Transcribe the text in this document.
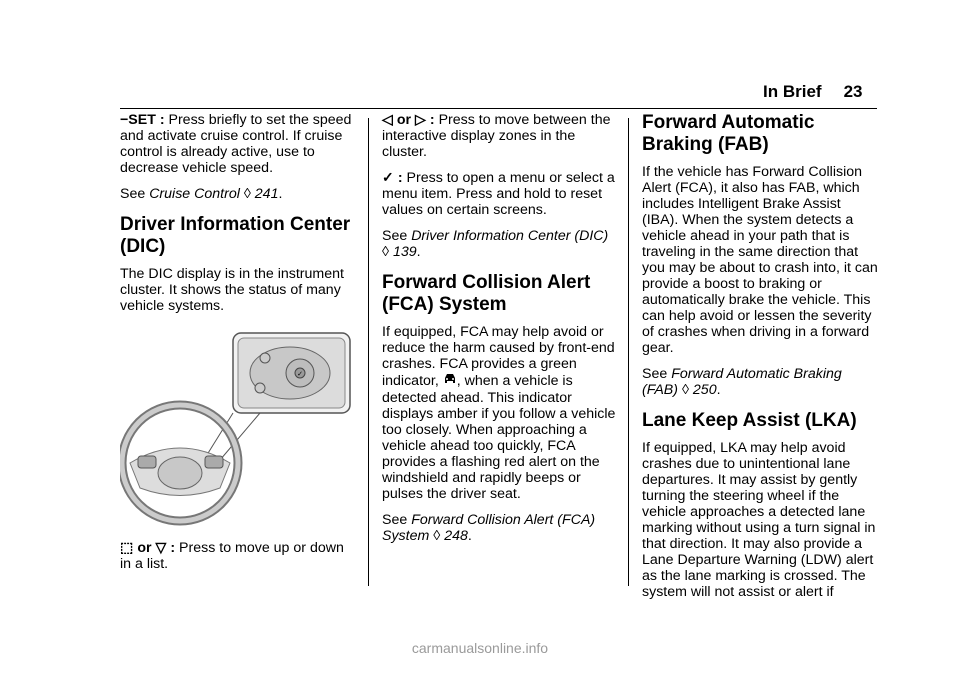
In Brief 23

−SET : Press briefly to set the speed and activate cruise control. If cruise control is already active, use to decrease vehicle speed.

See Cruise Control ◊ 241.

Driver Information Center (DIC)

The DIC display is in the instrument cluster. It shows the status of many vehicle systems.

✓

⬚ or ▽ : Press to move up or down in a list.

◁ or ▷ : Press to move between the interactive display zones in the cluster.

✓ : Press to open a menu or select a menu item. Press and hold to reset values on certain screens.

See Driver Information Center (DIC)
◊ 139.

Forward Collision Alert (FCA) System

If equipped, FCA may help avoid or reduce the harm caused by front-end crashes. FCA provides a green indicator, , when a vehicle is detected ahead. This indicator displays amber if you follow a vehicle too closely. When approaching a vehicle ahead too quickly, FCA provides a flashing red alert on the windshield and rapidly beeps or pulses the driver seat.

See Forward Collision Alert (FCA) System ◊ 248.

Forward Automatic Braking (FAB)

If the vehicle has Forward Collision Alert (FCA), it also has FAB, which includes Intelligent Brake Assist (IBA). When the system detects a vehicle ahead in your path that is traveling in the same direction that you may be about to crash into, it can provide a boost to braking or automatically brake the vehicle. This can help avoid or lessen the severity of crashes when driving in a forward gear.

See Forward Automatic Braking (FAB) ◊ 250.

Lane Keep Assist (LKA)

If equipped, LKA may help avoid crashes due to unintentional lane departures. It may assist by gently turning the steering wheel if the vehicle approaches a detected lane marking without using a turn signal in that direction. It may also provide a Lane Departure Warning (LDW) alert as the lane marking is crossed. The system will not assist or alert if

carmanualsonline.info
